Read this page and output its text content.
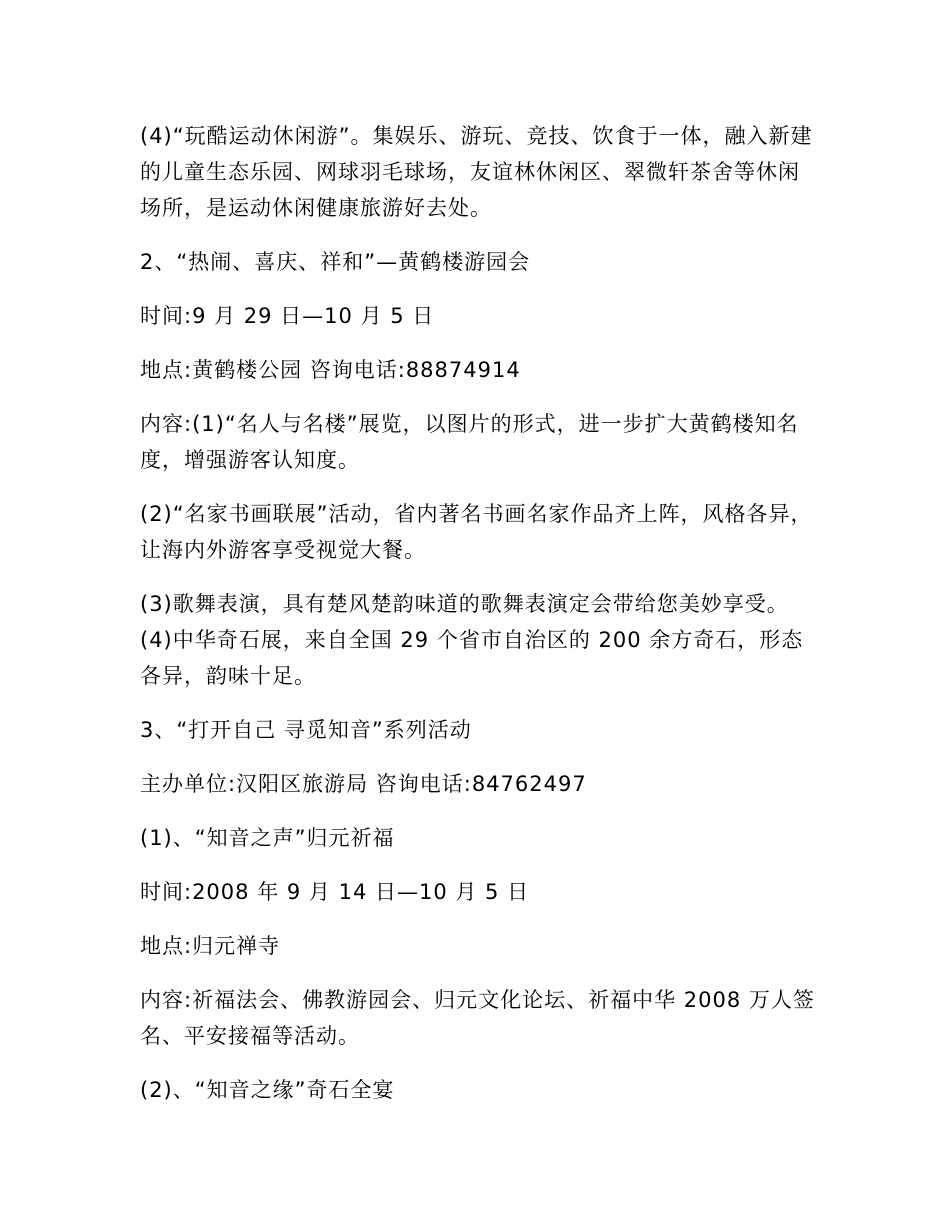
(4)“玩酷运动休闲游”。集娱乐、游玩、竞技、饮食于一体，融入新建的儿童生态乐园、网球羽毛球场，友谊林休闲区、翠微轩茶舍等休闲场所，是运动休闲健康旅游好去处。

2、“热闹、喜庆、祥和”—黄鹤楼游园会

时间:9 月 29 日—10 月 5 日

地点:黄鹤楼公园 咨询电话:88874914

内容:(1)“名人与名楼”展览，以图片的形式，进一步扩大黄鹤楼知名度，增强游客认知度。

(2)“名家书画联展”活动，省内著名书画名家作品齐上阵，风格各异，让海内外游客享受视觉大餐。

(3)歌舞表演，具有楚风楚韵味道的歌舞表演定会带给您美妙享受。 (4)中华奇石展，来自全国 29 个省市自治区的 200 余方奇石，形态各异，韵味十足。

3、“打开自己 寻觅知音”系列活动

主办单位:汉阳区旅游局 咨询电话:84762497

(1)、“知音之声”归元祈福

时间:2008 年 9 月 14 日—10 月 5 日

地点:归元禅寺

内容:祈福法会、佛教游园会、归元文化论坛、祈福中华 2008 万人签名、平安接福等活动。

(2)、“知音之缘”奇石全宴
